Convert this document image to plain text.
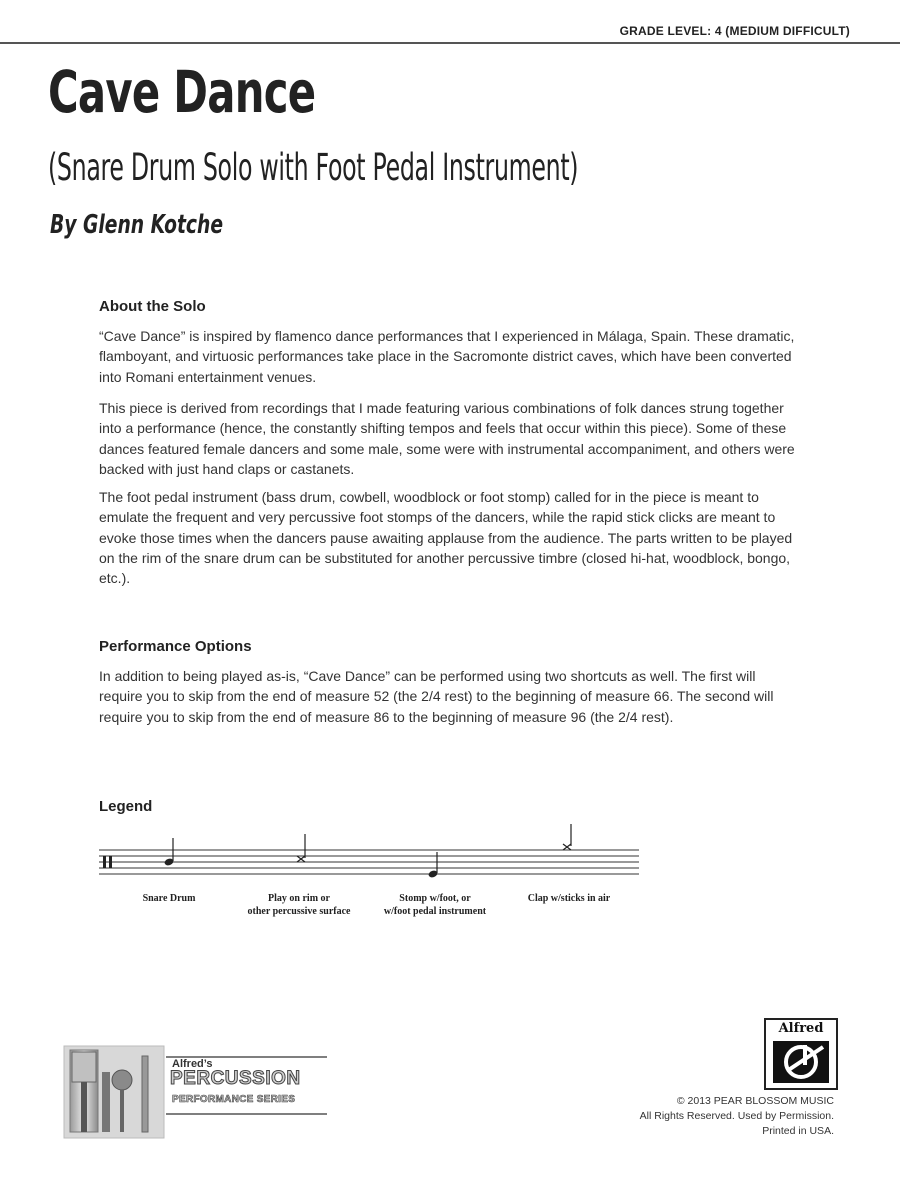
GRADE LEVEL: 4 (MEDIUM DIFFICULT)
Cave Dance
(Snare Drum Solo with Foot Pedal Instrument)
By Glenn Kotche
About the Solo

“Cave Dance” is inspired by flamenco dance performances that I experienced in Málaga, Spain. These dramatic, flamboyant, and virtuosic performances take place in the Sacromonte district caves, which have been converted into Romani entertainment venues.

This piece is derived from recordings that I made featuring various combinations of folk dances strung together into a performance (hence, the constantly shifting tempos and feels that occur within this piece). Some of these dances featured female dancers and some male, some were with instrumental accompaniment, and others were backed with just hand claps or castanets.

The foot pedal instrument (bass drum, cowbell, woodblock or foot stomp) called for in the piece is meant to emulate the frequent and very percussive foot stomps of the dancers, while the rapid stick clicks are meant to evoke those times when the dancers pause awaiting applause from the audience. The parts written to be played on the rim of the snare drum can be substituted for another percussive timbre (closed hi-hat, woodblock, bongo, etc.).

Performance Options

In addition to being played as-is, “Cave Dance” can be performed using two shortcuts as well. The first will require you to skip from the end of measure 52 (the 2/4 rest) to the beginning of measure 66. The second will require you to skip from the end of measure 86 to the beginning of measure 96 (the 2/4 rest).

Legend
Snare Drum	Play on rim or
other percussive surface
Stomp w/foot, or
w/foot pedal instrument
Clap w/sticks in air
Alfred’s
PERCUSSION
PERFORMANCE SERIES
Alfred
© 2013 PEAR BLOSSOM MUSIC
All Rights Reserved. Used by Permission.
Printed in USA.
